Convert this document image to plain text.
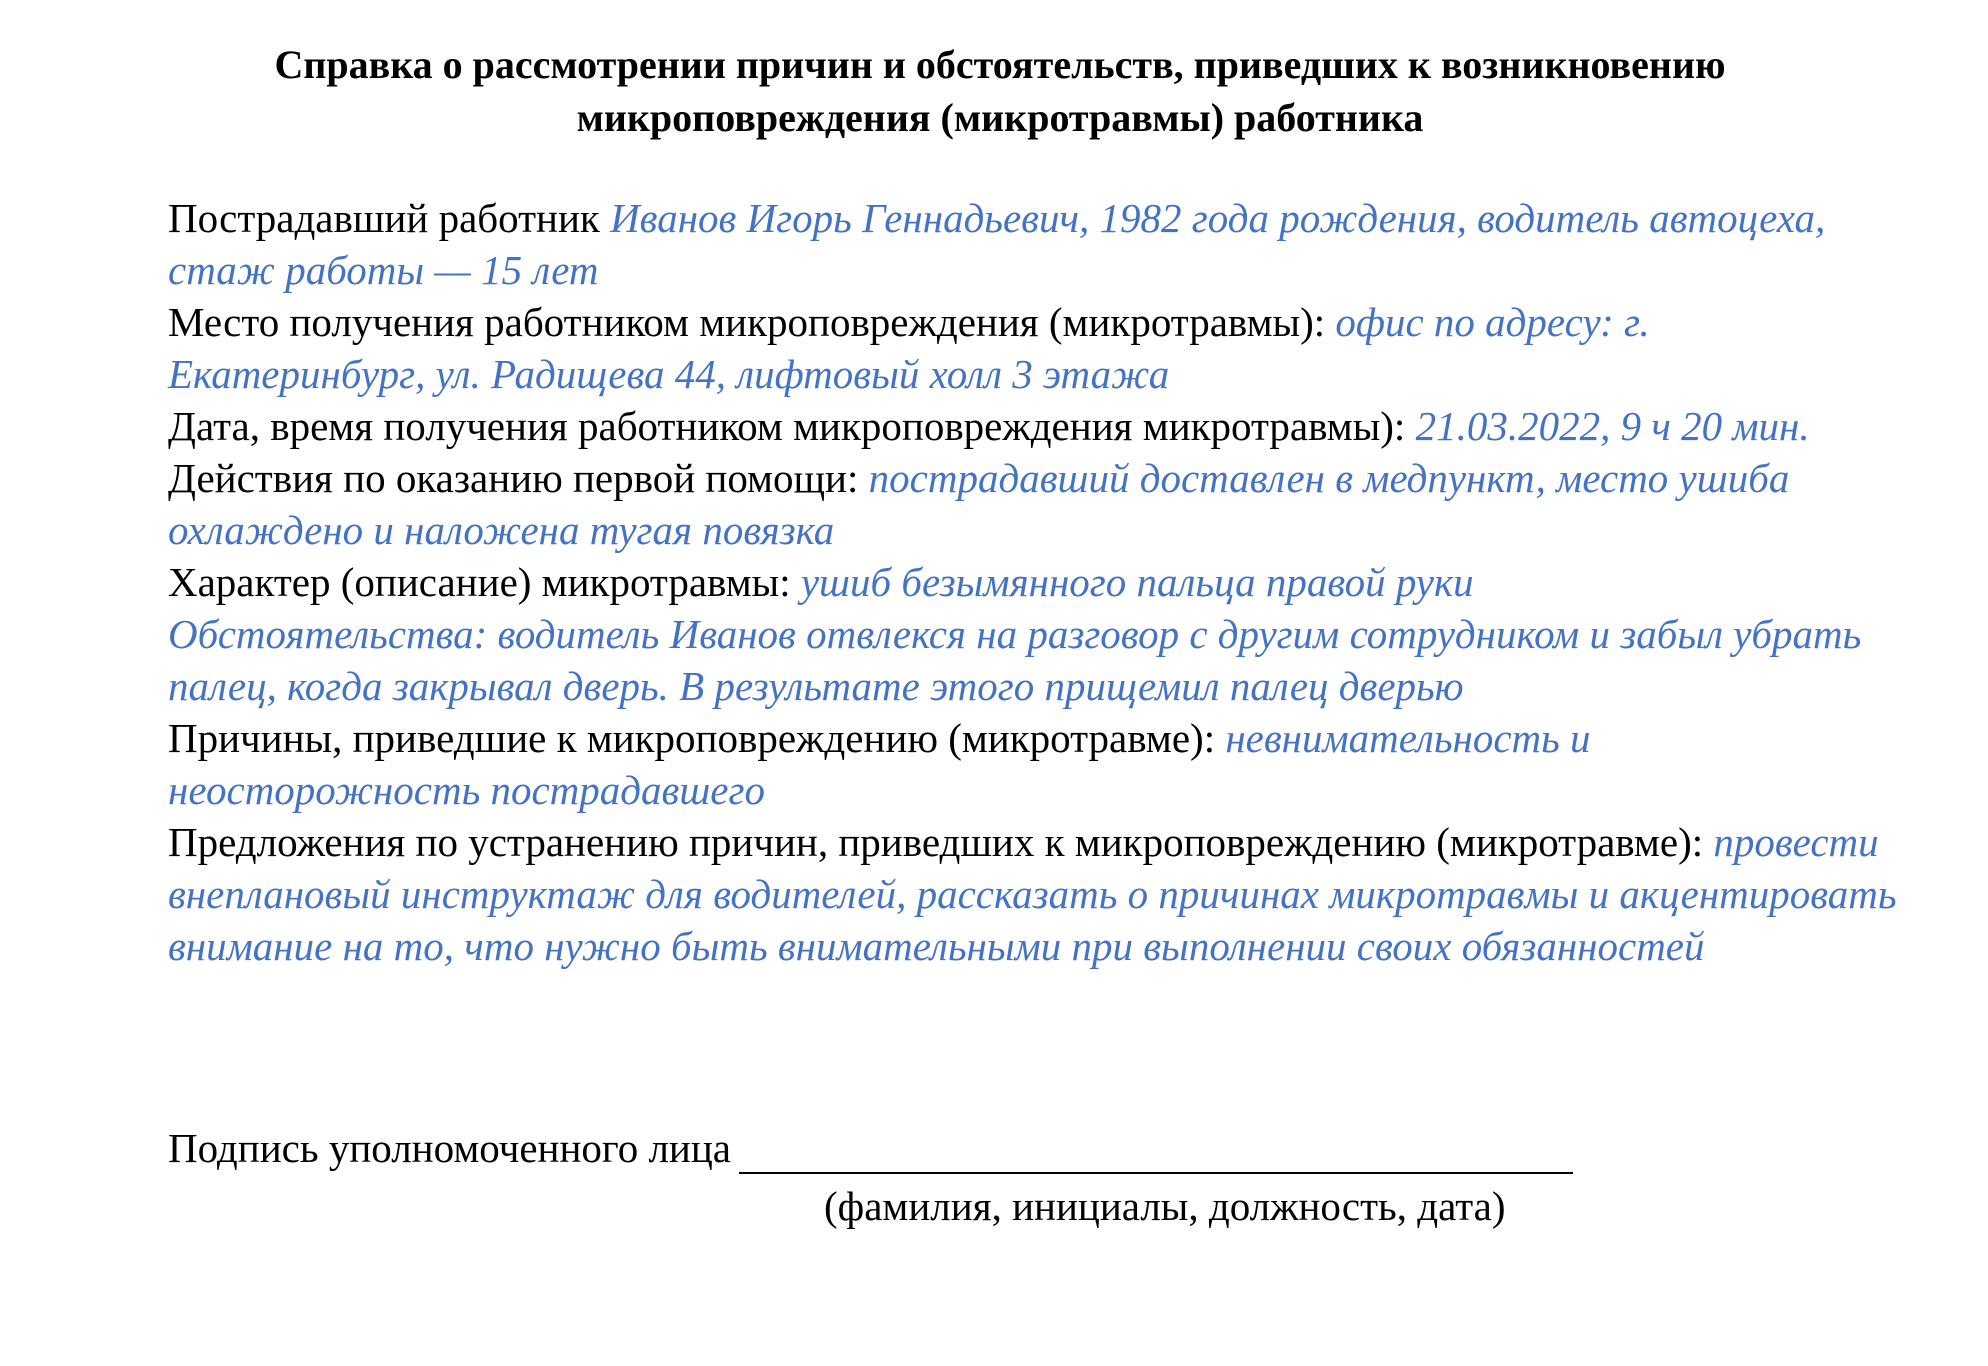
Справка о рассмотрении причин и обстоятельств, приведших к возникновению
микроповреждения (микротравмы) работника
Пострадавший работник Иванов Игорь Геннадьевич, 1982 года рождения, водитель автоцеха, стаж работы — 15 лет
Место получения работником микроповреждения (микротравмы): офис по адресу: г. Екатеринбург, ул. Радищева 44, лифтовый холл 3 этажа
Дата, время получения работником микроповреждения микротравмы): 21.03.2022, 9 ч 20 мин.
Действия по оказанию первой помощи: пострадавший доставлен в медпункт, место ушиба охлаждено и наложена тугая повязка
Характер (описание) микротравмы: ушиб безымянного пальца правой руки
Обстоятельства: водитель Иванов отвлекся на разговор с другим сотрудником и забыл убрать палец, когда закрывал дверь. В результате этого прищемил палец дверью
Причины, приведшие к микроповреждению (микротравме): невнимательность и неосторожность пострадавшего
Предложения по устранению причин, приведших к микроповреждению (микротравме): провести внеплановый инструктаж для водителей, рассказать о причинах микротравмы и акцентировать внимание на то, что нужно быть внимательными при выполнении своих обязанностей
Подпись уполномоченного лица
(фамилия, инициалы, должность, дата)
